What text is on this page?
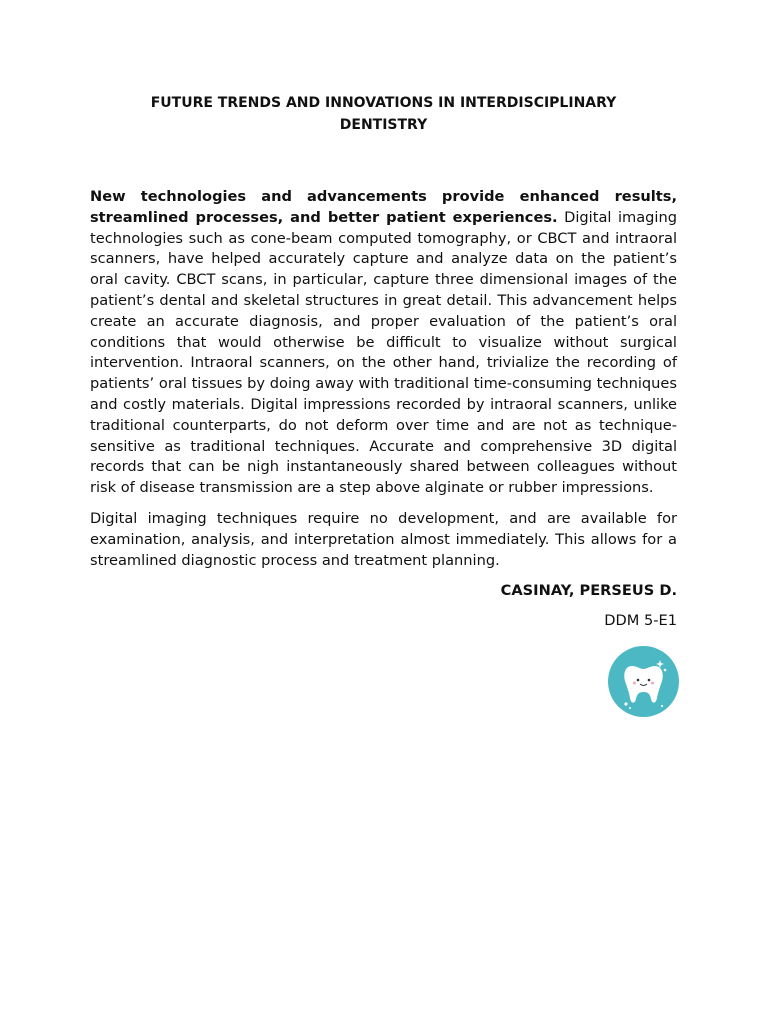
FUTURE TRENDS AND INNOVATIONS IN INTERDISCIPLINARY DENTISTRY

New technologies and advancements provide enhanced results, streamlined processes, and better patient experiences. Digital imaging technologies such as cone-beam computed tomography, or CBCT and intraoral scanners, have helped accurately capture and analyze data on the patient’s oral cavity. CBCT scans, in particular, capture three dimensional images of the patient’s dental and skeletal structures in great detail. This advancement helps create an accurate diagnosis, and proper evaluation of the patient’s oral conditions that would otherwise be difficult to visualize without surgical intervention. Intraoral scanners, on the other hand, trivialize the recording of patients’ oral tissues by doing away with traditional time-consuming techniques and costly materials. Digital impressions recorded by intraoral scanners, unlike traditional counterparts, do not deform over time and are not as technique-sensitive as traditional techniques. Accurate and comprehensive 3D digital records that can be nigh instantaneously shared between colleagues without risk of disease transmission are a step above alginate or rubber impressions.

Digital imaging techniques require no development, and are available for examination, analysis, and interpretation almost immediately. This allows for a streamlined diagnostic process and treatment planning.

CASINAY, PERSEUS D.

DDM 5-E1
